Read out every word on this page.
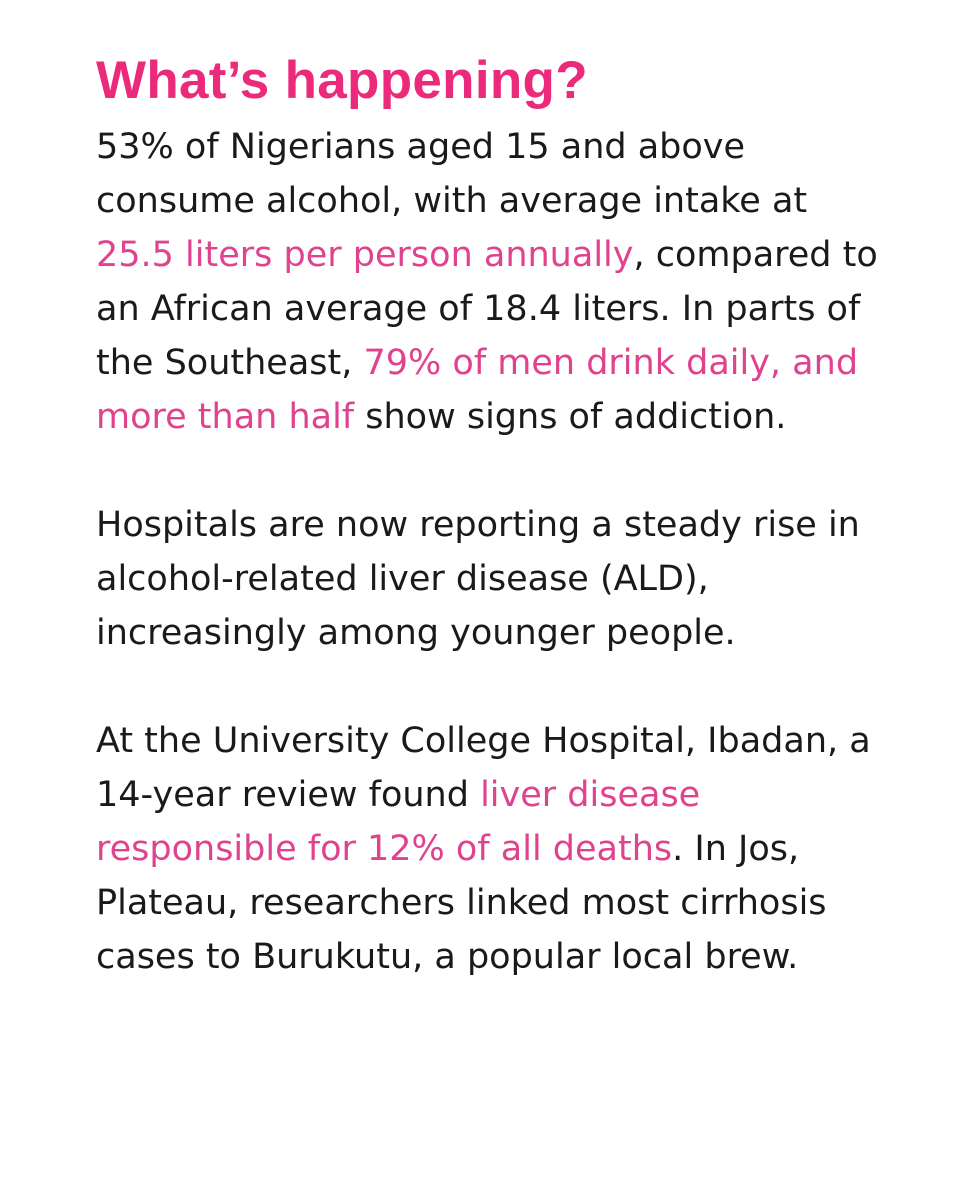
What’s happening?

53% of Nigerians aged 15 and above consume alcohol, with average intake at 25.5 liters per person annually, compared to an African average of 18.4 liters. In parts of the Southeast, 79% of men drink daily, and more than half show signs of addiction.

Hospitals are now reporting a steady rise in alcohol-related liver disease (ALD), increasingly among younger people.

At the University College Hospital, Ibadan, a 14-year review found liver disease responsible for 12% of all deaths. In Jos, Plateau, researchers linked most cirrhosis cases to Burukutu, a popular local brew.
